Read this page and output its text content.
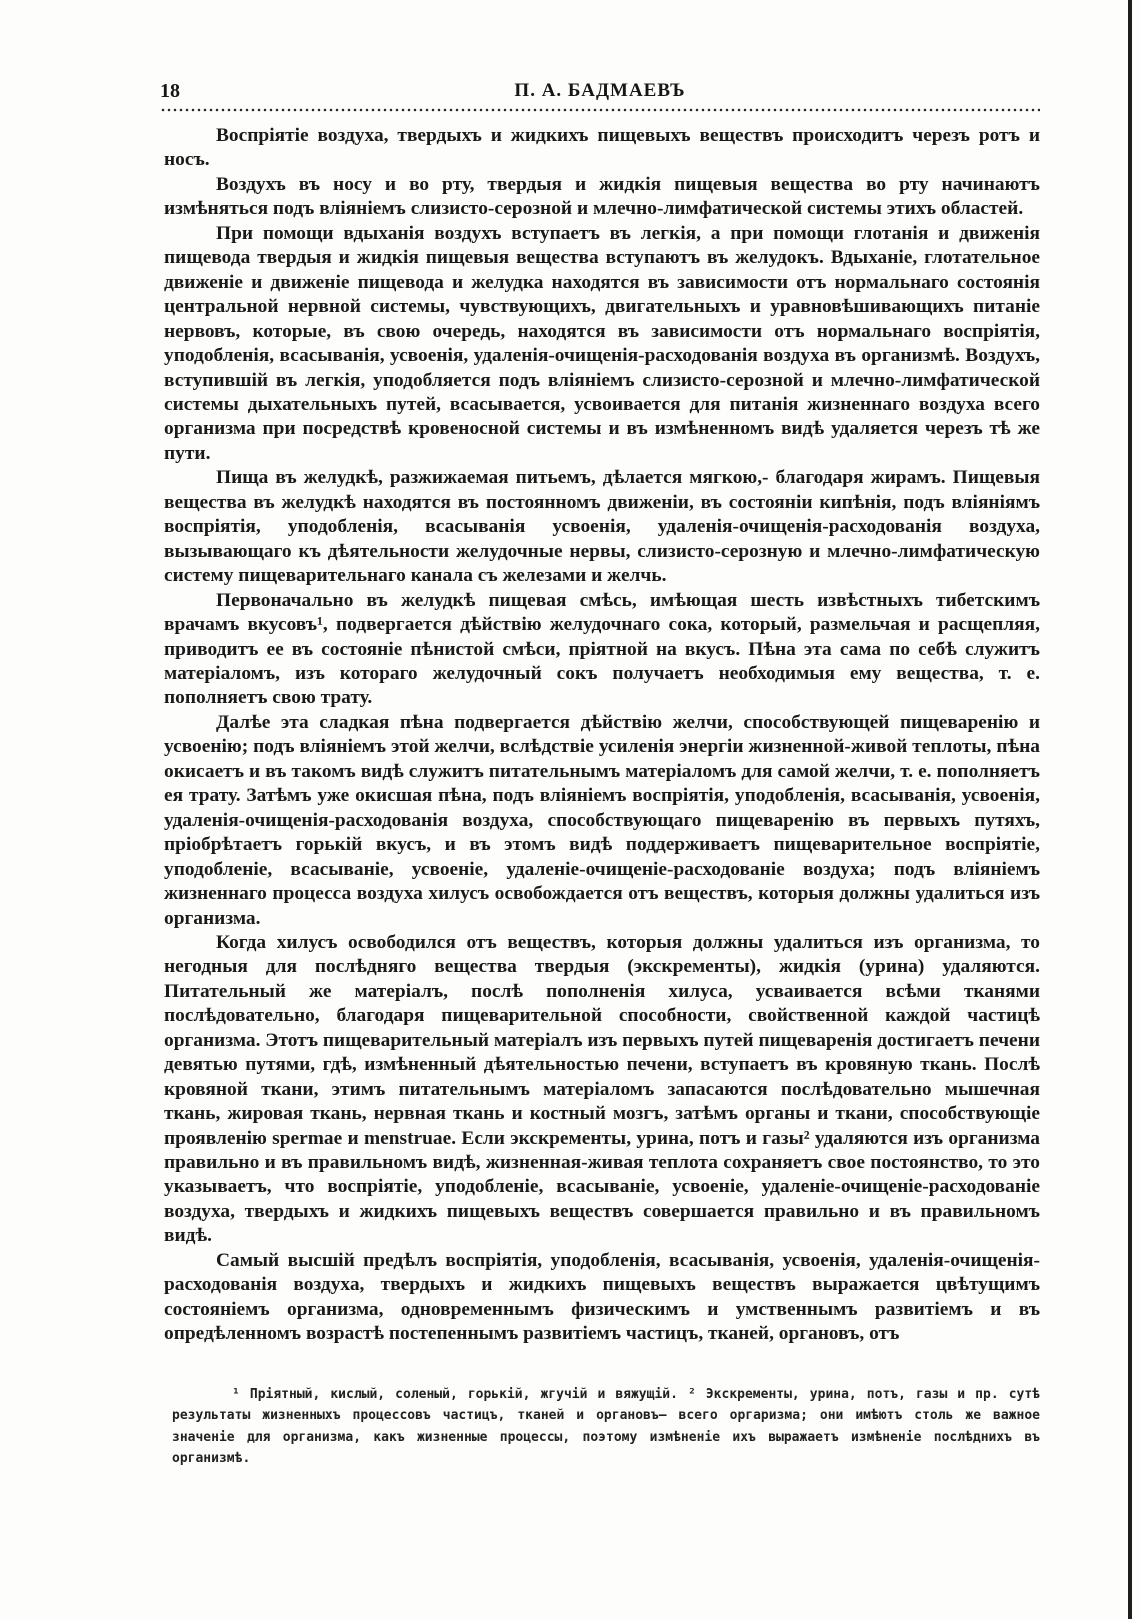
18	П. А. БАДМАЕВЪ

Воспріятіе воздуха, твердыхъ и жидкихъ пищевыхъ веществъ происходитъ черезъ ротъ и носъ.

Воздухъ въ носу и во рту, твердыя и жидкія пищевыя вещества во рту начинаютъ измѣняться подъ вліяніемъ слизисто-серозной и млечно-лимфатической системы этихъ областей.

При помощи вдыханія воздухъ вступаетъ въ легкія, а при помощи глотанія и движенія пищевода твердыя и жидкія пищевыя вещества вступаютъ въ желудокъ. Вдыханіе, глотательное движеніе и движеніе пищевода и желудка находятся въ зависимости отъ нормальнаго состоянія центральной нервной системы, чувствующихъ, двигательныхъ и уравновѣшивающихъ питаніе нервовъ, которые, въ свою очередь, находятся въ зависимости отъ нормальнаго воспріятія, уподобленія, всасыванія, усвоенія, удаленія-очищенія-расходованія воздуха въ организмѣ. Воздухъ, вступившій въ легкія, уподобляется подъ вліяніемъ слизисто-серозной и млечно-лимфатической системы дыхательныхъ путей, всасывается, усвоивается для питанія жизненнаго воздуха всего организма при посредствѣ кровеносной системы и въ измѣненномъ видѣ удаляется черезъ тѣ же пути.

Пища въ желудкѣ, разжижаемая питьемъ, дѣлается мягкою,- благодаря жирамъ. Пищевыя вещества въ желудкѣ находятся въ постоянномъ движеніи, въ состояніи кипѣнія, подъ вліяніямъ воспріятія, уподобленія, всасыванія усвоенія, удаленія-очищенія-расходованія воздуха, вызывающаго къ дѣятельности желудочные нервы, слизисто-серозную и млечно-лимфатическую систему пищеварительнаго канала съ железами и желчь.

Первоначально въ желудкѣ пищевая смѣсь, имѣющая шесть извѣстныхъ тибетскимъ врачамъ вкусовъ¹, подвергается дѣйствію желудочнаго сока, который, размельчая и расщепляя, приводитъ ее въ состояніе пѣнистой смѣси, пріятной на вкусъ. Пѣна эта сама по себѣ служитъ матеріаломъ, изъ котораго желудочный сокъ получаетъ необходимыя ему вещества, т. е. пополняетъ свою трату.

Далѣе эта сладкая пѣна подвергается дѣйствію желчи, способствующей пищеваренію и усвоенію; подъ вліяніемъ этой желчи, вслѣдствіе усиленія энергіи жизненной-живой теплоты, пѣна окисаетъ и въ такомъ видѣ служитъ питательнымъ матеріаломъ для самой желчи, т. е. пополняетъ ея трату. Затѣмъ уже окисшая пѣна, подъ вліяніемъ воспріятія, уподобленія, всасыванія, усвоенія, удаленія-очищенія-расходованія воздуха, способствующаго пищеваренію въ первыхъ путяхъ, пріобрѣтаетъ горькій вкусъ, и въ этомъ видѣ поддерживаетъ пищеварительное воспріятіе, уподобленіе, всасываніе, усвоеніе, удаленіе-очищеніе-расходованіе воздуха; подъ вліяніемъ жизненнаго процесса воздуха хилусъ освобождается отъ веществъ, которыя должны удалиться изъ организма.

Когда хилусъ освободился отъ веществъ, которыя должны удалиться изъ организма, то негодныя для послѣдняго вещества твердыя (экскременты), жидкія (урина) удаляются. Питательный же матеріалъ, послѣ пополненія хилуса, усваивается всѣми тканями послѣдовательно, благодаря пищеварительной способности, свойственной каждой частицѣ организма. Этотъ пищеварительный матеріалъ изъ первыхъ путей пищеваренія достигаетъ печени девятью путями, гдѣ, измѣненный дѣятельностью печени, вступаетъ въ кровяную ткань. Послѣ кровяной ткани, этимъ питательнымъ матеріаломъ запасаются послѣдовательно мышечная ткань, жировая ткань, нервная ткань и костный мозгъ, затѣмъ органы и ткани, способствующіе проявленію spermae и menstruae. Если экскременты, урина, потъ и газы² удаляются изъ организма правильно и въ правильномъ видѣ, жизненная-живая теплота сохраняетъ свое постоянство, то это указываетъ, что воспріятіе, уподобленіе, всасываніе, усвоеніе, удаленіе-очищеніе-расходованіе воздуха, твердыхъ и жидкихъ пищевыхъ веществъ совершается правильно и въ правильномъ видѣ.

Самый высшій предѣлъ воспріятія, уподобленія, всасыванія, усвоенія, удаленія-очищенія-расходованія воздуха, твердыхъ и жидкихъ пищевыхъ веществъ выражается цвѣтущимъ состояніемъ организма, одновременнымъ физическимъ и умственнымъ развитіемъ и въ опредѣленномъ возрастѣ постепеннымъ развитіемъ частицъ, тканей, органовъ, отъ

¹ Пріятный, кислый, соленый, горькій, жгучій и вяжущій. ² Экскременты, урина, потъ, газы и пр. сутѣ результаты жизненныхъ процессовъ частицъ, тканей и органовъ— всего оргаризма; они имѣютъ столь же важное значеніе для организма, какъ жизненные процессы, поэтому измѣненіе ихъ выражаетъ измѣненіе послѣднихъ въ организмѣ.
